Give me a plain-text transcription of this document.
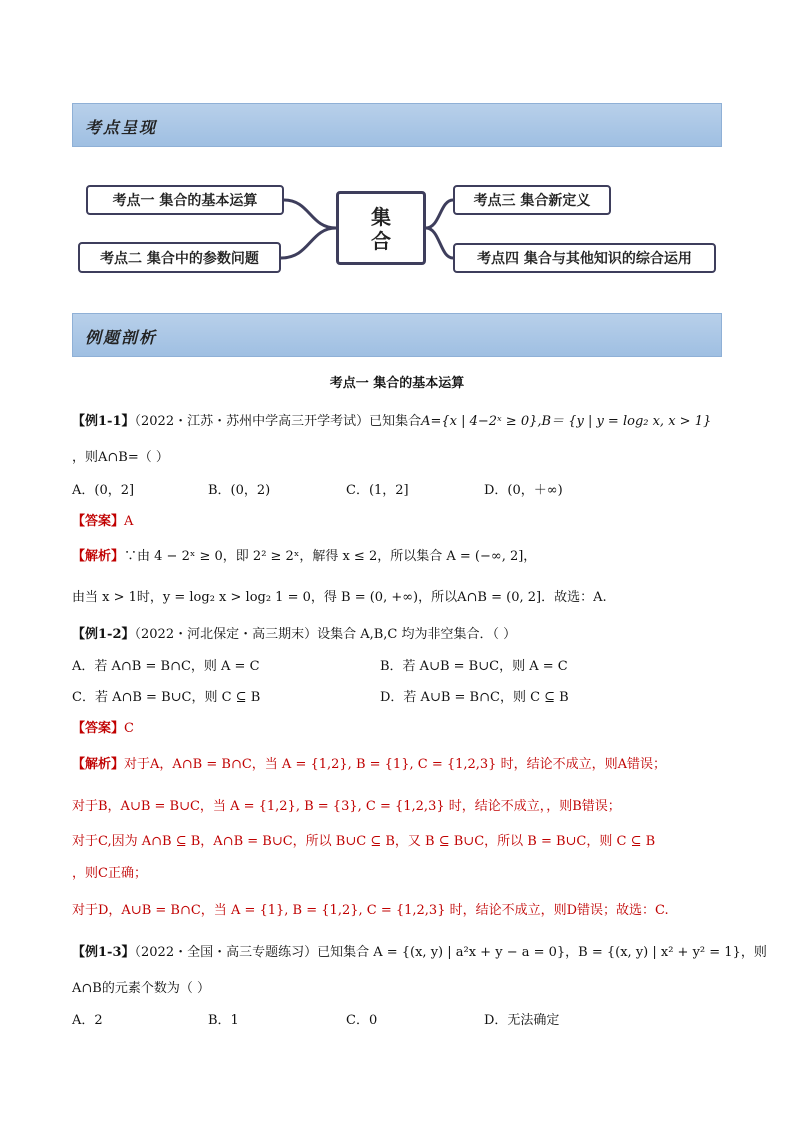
考点呈现
考点一 集合的基本运算
考点二 集合中的参数问题
集
合
考点三 集合新定义
考点四 集合与其他知识的综合运用
例题剖析
考点一 集合的基本运算
【例1-1】（2022・江苏・苏州中学高三开学考试）已知集合A={x | 4−2ˣ ≥ 0},B＝ {y | y = log₂ x, x > 1}
，则A∩B=（ ）
A．(0，2]	B．(0，2)	C．(1，2]	D．(0，＋∞)
【答案】A
【解析】∵由 4 − 2ˣ ≥ 0，即 2² ≥ 2ˣ，解得 x ≤ 2，所以集合 A = (−∞, 2]，
由当 x > 1时，y = log₂ x > log₂ 1 = 0，得 B = (0, +∞)，所以A∩B = (0, 2]．故选：A.
【例1-2】（2022・河北保定・高三期末）设集合 A,B,C 均为非空集合．（ ）
A．若 A∩B = B∩C，则 A = C	B．若 A∪B = B∪C，则 A = C
C．若 A∩B = B∪C，则 C ⊆ B	D．若 A∪B = B∩C，则 C ⊆ B
【答案】C
【解析】对于A，A∩B = B∩C，当 A = {1,2}, B = {1}, C = {1,2,3} 时，结论不成立，则A错误；
对于B，A∪B = B∪C，当 A = {1,2}, B = {3}, C = {1,2,3} 时，结论不成立，，则B错误；
对于C,因为 A∩B ⊆ B，A∩B = B∪C，所以 B∪C ⊆ B，又 B ⊆ B∪C，所以 B = B∪C，则 C ⊆ B
，则C正确；
对于D，A∪B = B∩C，当 A = {1}, B = {1,2}, C = {1,2,3} 时，结论不成立，则D错误；故选：C.
【例1-3】（2022・全国・高三专题练习）已知集合 A = {(x, y) | a²x + y − a = 0}，B = {(x, y) | x² + y² = 1}，则
A∩B的元素个数为（ ）
A．2	B．1	C．0	D．无法确定
